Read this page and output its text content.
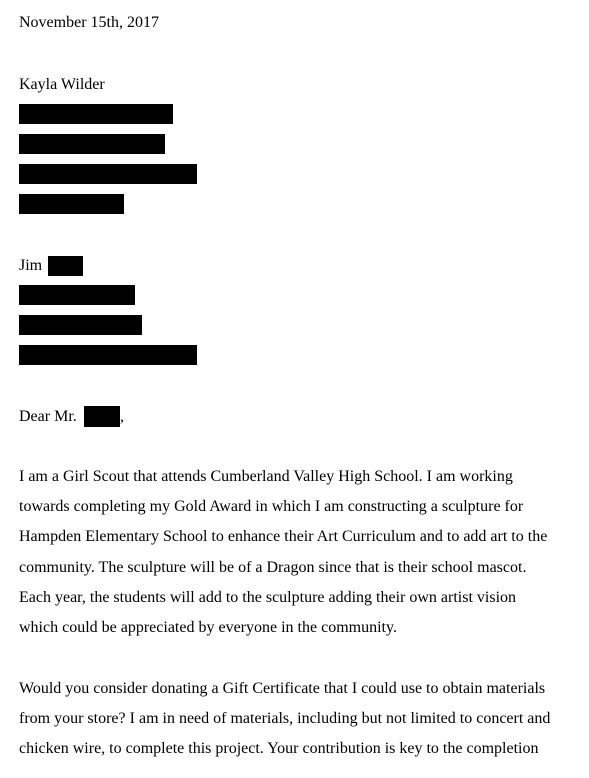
November 15th, 2017
Kayla Wilder
Jim
Dear Mr.	,
I am a Girl Scout that attends Cumberland Valley High School. I am working
towards completing my Gold Award in which I am constructing a sculpture for
Hampden Elementary School to enhance their Art Curriculum and to add art to the
community. The sculpture will be of a Dragon since that is their school mascot.
Each year, the students will add to the sculpture adding their own artist vision
which could be appreciated by everyone in the community.
Would you consider donating a Gift Certificate that I could use to obtain materials
from your store? I am in need of materials, including but not limited to concert and
chicken wire, to complete this project. Your contribution is key to the completion
